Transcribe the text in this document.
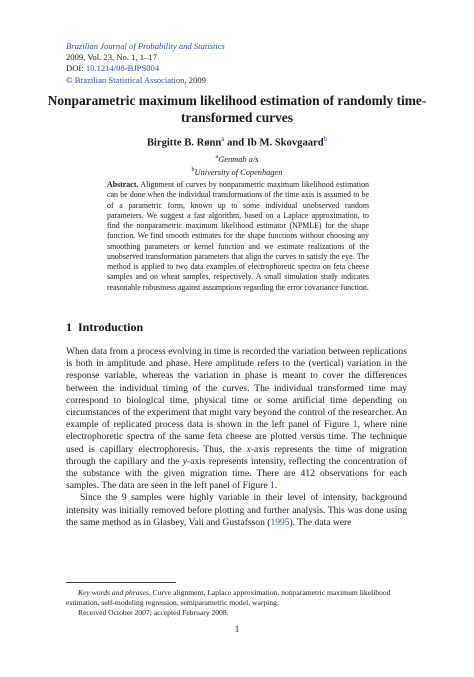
Brazilian Journal of Probability and Statistics
2009, Vol. 23, No. 1, 1–17
DOI: 10.1214/08-BJPS004
© Brazilian Statistical Association, 2009
Nonparametric maximum likelihood estimation of randomly time-transformed curves
Birgitte B. Rønn$^a$ and Ib M. Skovgaard$^b$
$^a$Genmab a/s
$^b$University of Copenhagen
Abstract. Alignment of curves by nonparametric maximum likelihood estimation can be done when the individual transformations of the time axis is assumed to be of a parametric form, known up to some individual unobserved random parameters. We suggest a fast algorithm, based on a Laplace approximation, to find the nonparametric maximum likelihood estimator (NPMLE) for the shape function. We find smooth estimates for the shape functions without choosing any smoothing parameters or kernel function and we estimate realizations of the unobserved transformation parameters that align the curves to satisfy the eye. The method is applied to two data examples of electrophoretic spectra on feta cheese samples and on wheat samples, respectively. A small simulation study indicates reasonable robustness against assumptions regarding the error covariance function.
1 Introduction

When data from a process evolving in time is recorded the variation between replications is both in amplitude and phase. Here amplitude refers to the (vertical) variation in the response variable, whereas the variation in phase is meant to cover the differences between the individual timing of the curves. The individual transformed time may correspond to biological time, physical time or some artificial time depending on circumstances of the experiment that might vary beyond the control of the researcher. An example of replicated process data is shown in the left panel of Figure 1, where nine electrophoretic spectra of the same feta cheese are plotted versus time. The technique used is capillary electrophoresis. Thus, the x-axis represents the time of migration through the capillary and the y-axis represents intensity, reflecting the concentration of the substance with the given migration time. There are 412 observations for each samples. The data are seen in the left panel of Figure 1.

Since the 9 samples were highly variable in their level of intensity, background intensity was initially removed before plotting and further analysis. This was done using the same method as in Glasbey, Vali and Gustafsson (1995). The data were

Key words and phrases. Curve alignment, Laplace approximation, nonparametric maximum likelihood estimation, self-modeling regression, semiparametric model, warping.

Received October 2007; accepted February 2008.

1
